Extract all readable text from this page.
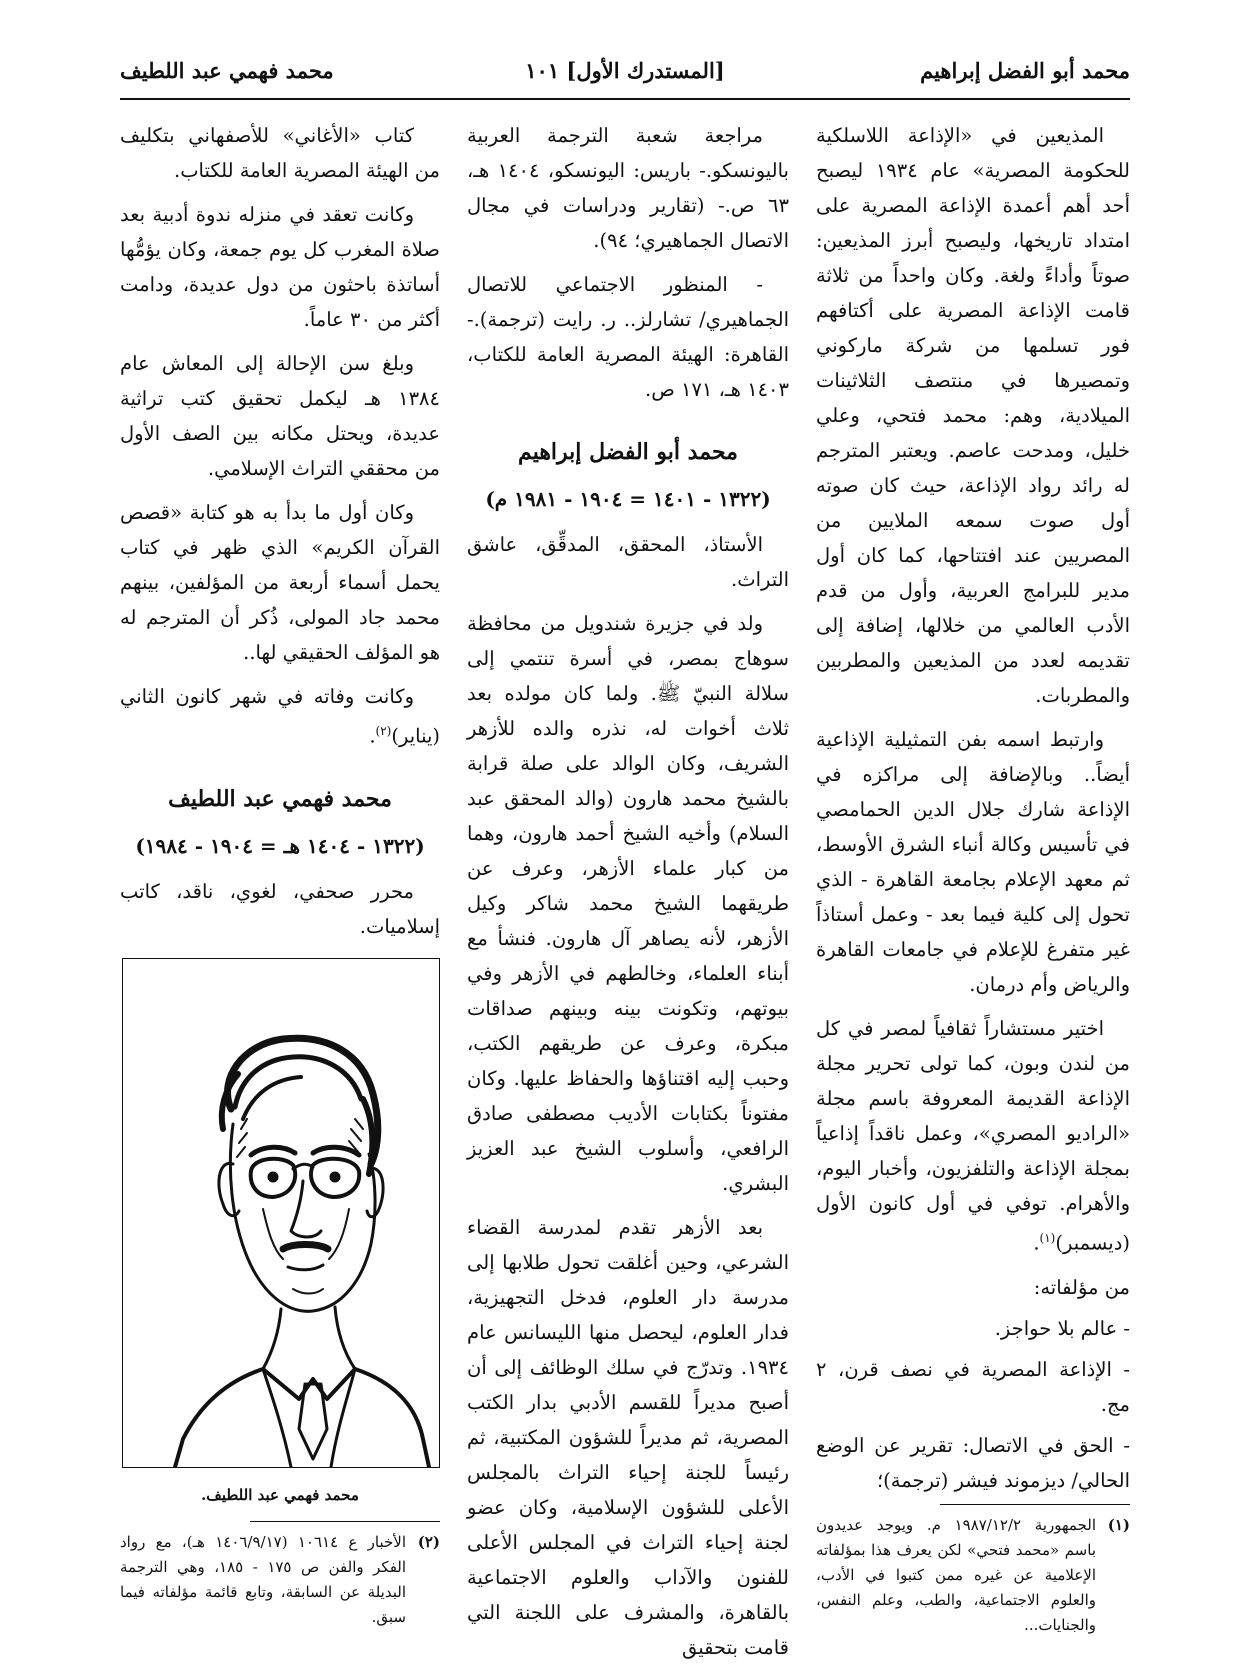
محمد أبو الفضل إبراهيم
[المستدرك الأول] ١٠١
محمد فهمي عبد اللطيف

المذيعين في «الإذاعة اللاسلكية للحكومة المصرية» عام ١٩٣٤ ليصبح أحد أهم أعمدة الإذاعة المصرية على امتداد تاريخها، وليصبح أبرز المذيعين: صوتاً وأداءً ولغة. وكان واحداً من ثلاثة قامت الإذاعة المصرية على أكتافهم فور تسلمها من شركة ماركوني وتمصيرها في منتصف الثلاثينات الميلادية، وهم: محمد فتحي، وعلي خليل، ومدحت عاصم. ويعتبر المترجم له رائد رواد الإذاعة، حيث كان صوته أول صوت سمعه الملايين من المصريين عند افتتاحها، كما كان أول مدير للبرامج العربية، وأول من قدم الأدب العالمي من خلالها، إضافة إلى تقديمه لعدد من المذيعين والمطربين والمطربات.

وارتبط اسمه بفن التمثيلية الإذاعية أيضاً.. وبالإضافة إلى مراكزه في الإذاعة شارك جلال الدين الحمامصي في تأسيس وكالة أنباء الشرق الأوسط، ثم معهد الإعلام بجامعة القاهرة - الذي تحول إلى كلية فيما بعد - وعمل أستاذاً غير متفرغ للإعلام في جامعات القاهرة والرياض وأم درمان.

اختير مستشاراً ثقافياً لمصر في كل من لندن وبون، كما تولى تحرير مجلة الإذاعة القديمة المعروفة باسم مجلة «الراديو المصري»، وعمل ناقداً إذاعياً بمجلة الإذاعة والتلفزيون، وأخبار اليوم، والأهرام. توفي في أول كانون الأول (ديسمبر)$^{(١)}$.

من مؤلفاته:

- عالم بلا حواجز.

- الإذاعة المصرية في نصف قرن، ٢ مج.

- الحق في الاتصال: تقرير عن الوضع الحالي/ ديزموند فيشر (ترجمة)؛

(١)
الجمهورية ١٩٨٧/١٢/٢ م. ويوجد عديدون باسم «محمد فتحي» لكن يعرف هذا بمؤلفاته الإعلامية عن غيره ممن كتبوا في الأدب، والعلوم الاجتماعية، والطب، وعلم النفس، والجنايات...

مراجعة شعبة الترجمة العربية باليونسكو.- باريس: اليونسكو، ١٤٠٤ هـ، ٦٣ ص.- (تقارير ودراسات في مجال الاتصال الجماهيري؛ ٩٤).

- المنظور الاجتماعي للاتصال الجماهيري/ تشارلز.. ر. رايت (ترجمة).- القاهرة: الهيئة المصرية العامة للكتاب، ١٤٠٣ هـ، ١٧١ ص.

محمد أبو الفضل إبراهيم
(١٣٢٢ - ١٤٠١ = ١٩٠٤ - ١٩٨١ م)

الأستاذ، المحقق، المدقِّق، عاشق التراث.

ولد في جزيرة شندويل من محافظة سوهاج بمصر، في أسرة تنتمي إلى سلالة النبيّ ﷺ. ولما كان مولده بعد ثلاث أخوات له، نذره والده للأزهر الشريف، وكان الوالد على صلة قرابة بالشيخ محمد هارون (والد المحقق عبد السلام) وأخيه الشيخ أحمد هارون، وهما من كبار علماء الأزهر، وعرف عن طريقهما الشيخ محمد شاكر وكيل الأزهر، لأنه يصاهر آل هارون. فنشأ مع أبناء العلماء، وخالطهم في الأزهر وفي بيوتهم، وتكونت بينه وبينهم صداقات مبكرة، وعرف عن طريقهم الكتب، وحبب إليه اقتناؤها والحفاظ عليها. وكان مفتوناً بكتابات الأديب مصطفى صادق الرافعي، وأسلوب الشيخ عبد العزيز البشري.

بعد الأزهر تقدم لمدرسة القضاء الشرعي، وحين أغلقت تحول طلابها إلى مدرسة دار العلوم، فدخل التجهيزية، فدار العلوم، ليحصل منها الليسانس عام ١٩٣٤. وتدرّج في سلك الوظائف إلى أن أصبح مديراً للقسم الأدبي بدار الكتب المصرية، ثم مديراً للشؤون المكتبية، ثم رئيساً للجنة إحياء التراث بالمجلس الأعلى للشؤون الإسلامية، وكان عضو لجنة إحياء التراث في المجلس الأعلى للفنون والآداب والعلوم الاجتماعية بالقاهرة، والمشرف على اللجنة التي قامت بتحقيق

كتاب «الأغاني» للأصفهاني بتكليف من الهيئة المصرية العامة للكتاب.

وكانت تعقد في منزله ندوة أدبية بعد صلاة المغرب كل يوم جمعة، وكان يؤمُّها أساتذة باحثون من دول عديدة، ودامت أكثر من ٣٠ عاماً.

وبلغ سن الإحالة إلى المعاش عام ١٣٨٤ هـ ليكمل تحقيق كتب تراثية عديدة، ويحتل مكانه بين الصف الأول من محققي التراث الإسلامي.

وكان أول ما بدأ به هو كتابة «قصص القرآن الكريم» الذي ظهر في كتاب يحمل أسماء أربعة من المؤلفين، بينهم محمد جاد المولى، ذُكر أن المترجم له هو المؤلف الحقيقي لها..

وكانت وفاته في شهر كانون الثاني (يناير)$^{(٢)}$.

محمد فهمي عبد اللطيف
(١٣٢٢ - ١٤٠٤ هـ = ١٩٠٤ - ١٩٨٤)

محرر صحفي، لغوي، ناقد، كاتب إسلاميات.

محمد فهمي عبد اللطيف.
(٢)
الأخبار ع ١٠٦١٤ (١٤٠٦/٩/١٧ هـ)، مع رواد الفكر والفن ص ١٧٥ - ١٨٥، وهي الترجمة البديلة عن السابقة، وتابع قائمة مؤلفاته فيما سبق.
